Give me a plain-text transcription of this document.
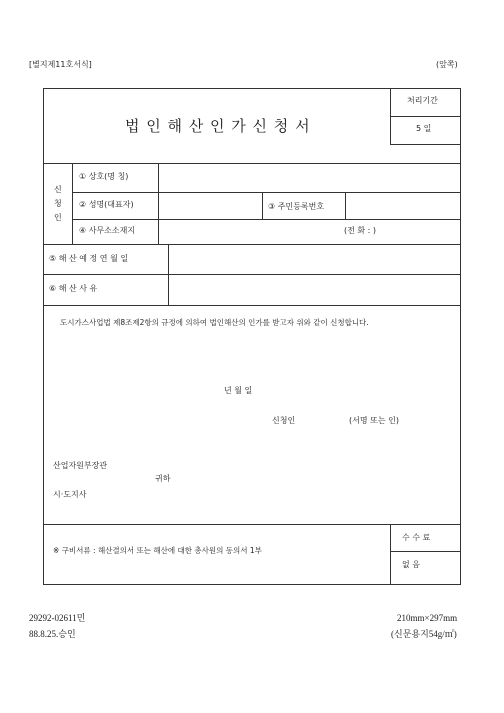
[별지제11호서식]	(앞쪽)
법 인 해 산 인 가 신 청 서
처리기간
5 일
신
청
인
① 상호(명 칭)
② 성명(대표자)	③ 주민등록번호
④ 사무소소재지	(전 화 : )
⑤ 해 산 예 정 연 월 일
⑥ 해 산 사 유
도시가스사업법 제8조제2항의 규정에 의하여 법인해산의 인가를 받고자 위와 같이 신청합니다.
년 월 일
신청인	(서명 또는 인)
산업자원부장관
귀하
시·도지사
※ 구비서류 : 해산결의서 또는 해산에 대한 총사원의 동의서 1부
수 수 료
없 음
29292-02611민
88.8.25.승인
210mm×297mm
(신문용지54g/㎡)
